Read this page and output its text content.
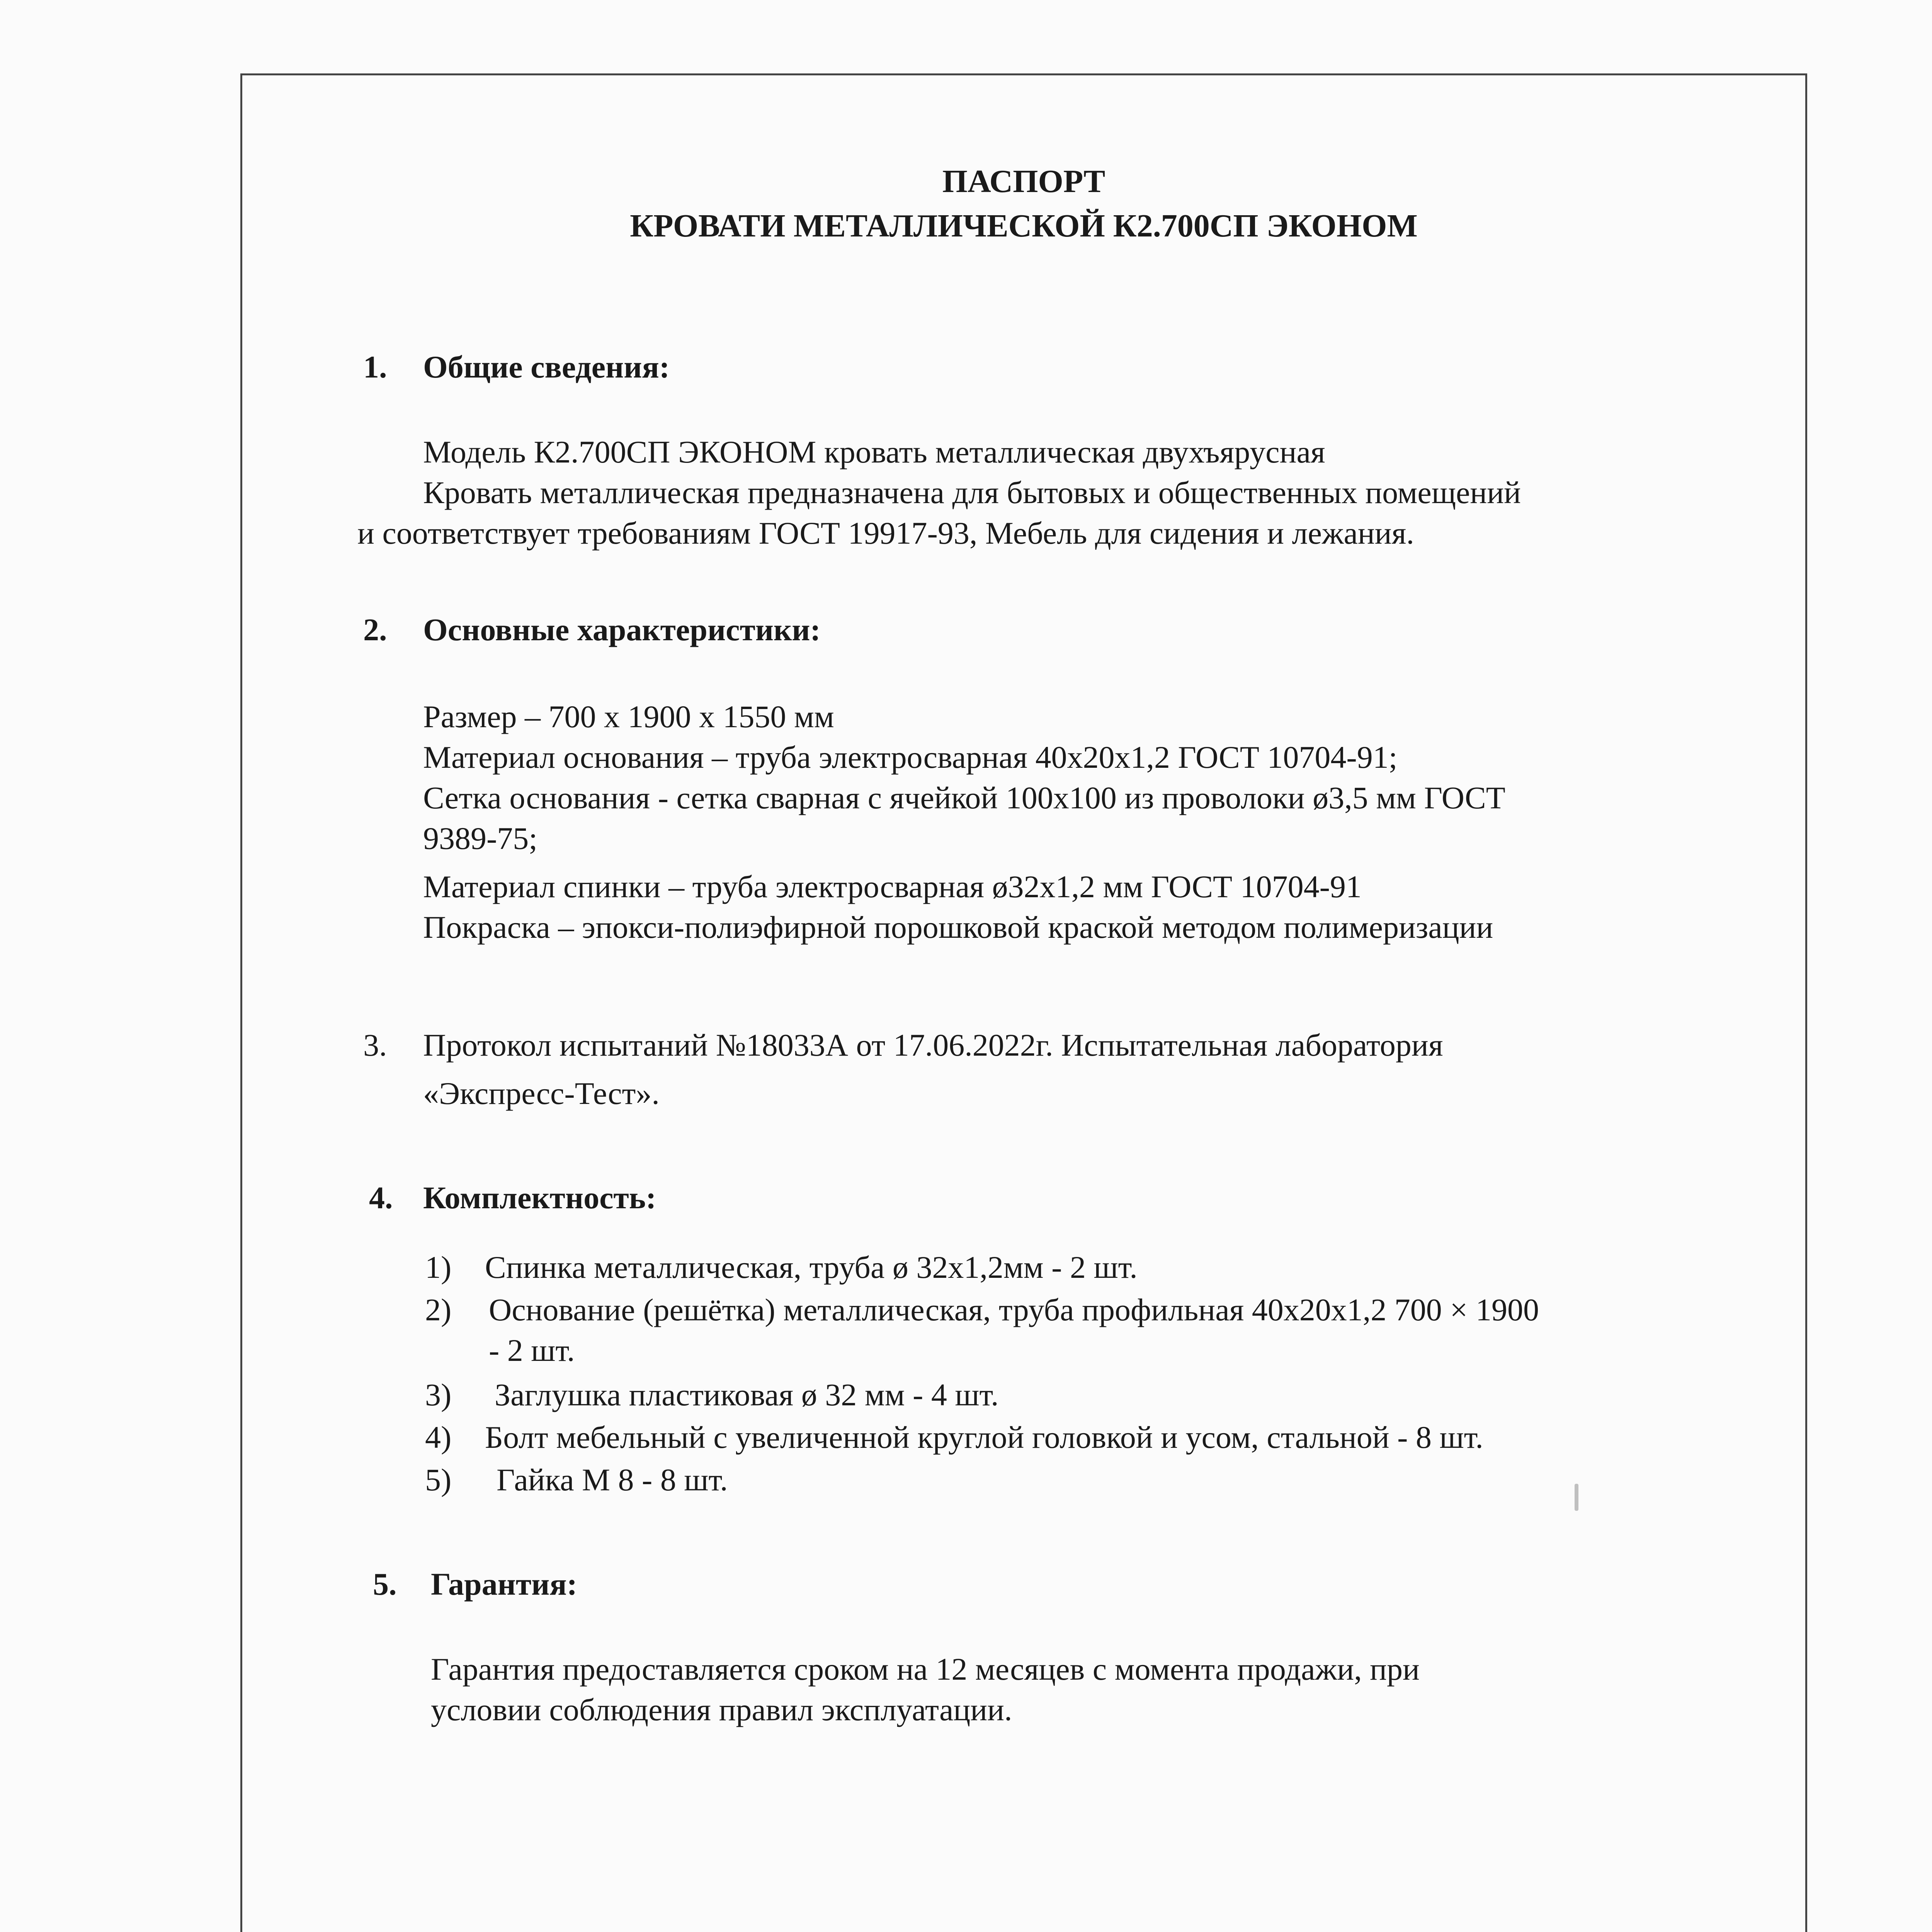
ПАСПОРТ
КРОВАТИ МЕТАЛЛИЧЕСКОЙ К2.700СП ЭКОНОМ
1. Общие сведения:

Модель К2.700СП ЭКОНОМ кровать металлическая двухъярусная

Кровать металлическая предназначена для бытовых и общественных помещений

и соответствует требованиям ГОСТ 19917-93, Мебель для сидения и лежания.

2. Основные характеристики:

Размер – 700 х 1900 х 1550 мм

Материал основания – труба электросварная 40х20х1,2 ГОСТ 10704-91;

Сетка основания - сетка сварная с ячейкой 100х100 из проволоки ø3,5 мм ГОСТ

9389-75;

Материал спинки – труба электросварная ø32х1,2 мм ГОСТ 10704-91

Покраска – эпокси-полиэфирной порошковой краской методом полимеризации

3. Протокол испытаний №18033А от 17.06.2022г. Испытательная лаборатория

«Экспресс-Тест».

4. Комплектность:

1) Спинка металлическая, труба ø 32х1,2мм - 2 шт.

2) Основание (решётка) металлическая, труба профильная 40х20х1,2 700 × 1900

- 2 шт.

3) Заглушка пластиковая ø 32 мм - 4 шт.

4) Болт мебельный с увеличенной круглой головкой и усом, стальной - 8 шт.

5) Гайка М 8 - 8 шт.

5. Гарантия:

Гарантия предоставляется сроком на 12 месяцев с момента продажи, при

условии соблюдения правил эксплуатации.
